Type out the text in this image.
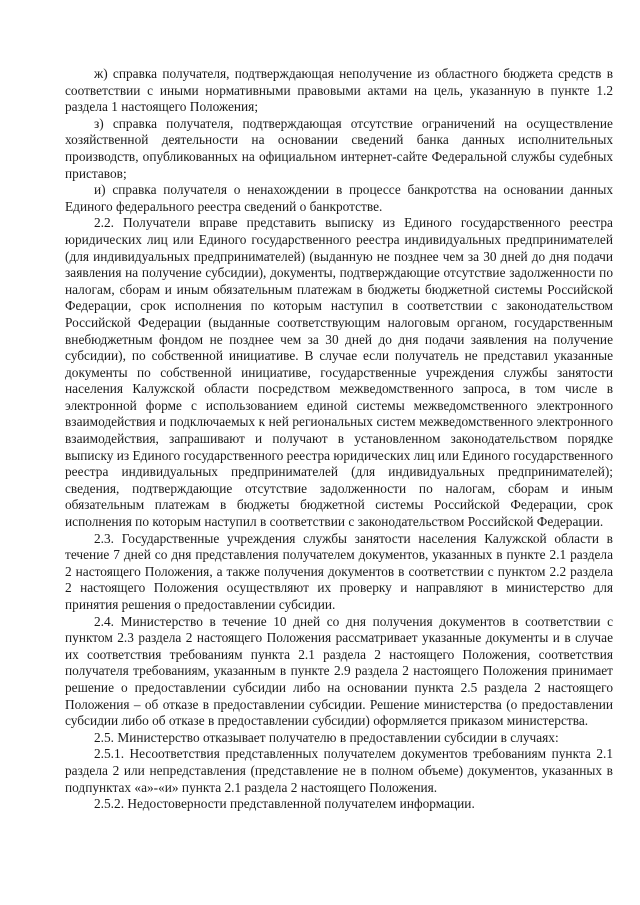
ж) справка получателя, подтверждающая неполучение из областного бюджета средств в соответствии с иными нормативными правовыми актами на цель, указанную в пункте 1.2 раздела 1 настоящего Положения;

з) справка получателя, подтверждающая отсутствие ограничений на осуществление хозяйственной деятельности на основании сведений банка данных исполнительных производств, опубликованных на официальном интернет-сайте Федеральной службы судебных приставов;

и) справка получателя о ненахождении в процессе банкротства на основании данных Единого федерального реестра сведений о банкротстве.

2.2. Получатели вправе представить выписку из Единого государственного реестра юридических лиц или Единого государственного реестра индивидуальных предпринимателей (для индивидуальных предпринимателей) (выданную не позднее чем за 30 дней до дня подачи заявления на получение субсидии), документы, подтверждающие отсутствие задолженности по налогам, сборам и иным обязательным платежам в бюджеты бюджетной системы Российской Федерации, срок исполнения по которым наступил в соответствии с законодательством Российской Федерации (выданные соответствующим налоговым органом, государственным внебюджетным фондом не позднее чем за 30 дней до дня подачи заявления на получение субсидии), по собственной инициативе. В случае если получатель не представил указанные документы по собственной инициативе, государственные учреждения службы занятости населения Калужской области посредством межведомственного запроса, в том числе в электронной форме с использованием единой системы межведомственного электронного взаимодействия и подключаемых к ней региональных систем межведомственного электронного взаимодействия, запрашивают и получают в установленном законодательством порядке выписку из Единого государственного реестра юридических лиц или Единого государственного реестра индивидуальных предпринимателей (для индивидуальных предпринимателей); сведения, подтверждающие отсутствие задолженности по налогам, сборам и иным обязательным платежам в бюджеты бюджетной системы Российской Федерации, срок исполнения по которым наступил в соответствии с законодательством Российской Федерации.

2.3. Государственные учреждения службы занятости населения Калужской области в течение 7 дней со дня представления получателем документов, указанных в пункте 2.1 раздела 2 настоящего Положения, а также получения документов в соответствии с пунктом 2.2 раздела 2 настоящего Положения осуществляют их проверку и направляют в министерство для принятия решения о предоставлении субсидии.

2.4. Министерство в течение 10 дней со дня получения документов в соответствии с пунктом 2.3 раздела 2 настоящего Положения рассматривает указанные документы и в случае их соответствия требованиям пункта 2.1 раздела 2 настоящего Положения, соответствия получателя требованиям, указанным в пункте 2.9 раздела 2 настоящего Положения принимает решение о предоставлении субсидии либо на основании пункта 2.5 раздела 2 настоящего Положения – об отказе в предоставлении субсидии. Решение министерства (о предоставлении субсидии либо об отказе в предоставлении субсидии) оформляется приказом министерства.

2.5. Министерство отказывает получателю в предоставлении субсидии в случаях:

2.5.1. Несоответствия представленных получателем документов требованиям пункта 2.1 раздела 2 или непредставления (представление не в полном объеме) документов, указанных в подпунктах «а»-«и» пункта 2.1 раздела 2 настоящего Положения.

2.5.2. Недостоверности представленной получателем информации.
